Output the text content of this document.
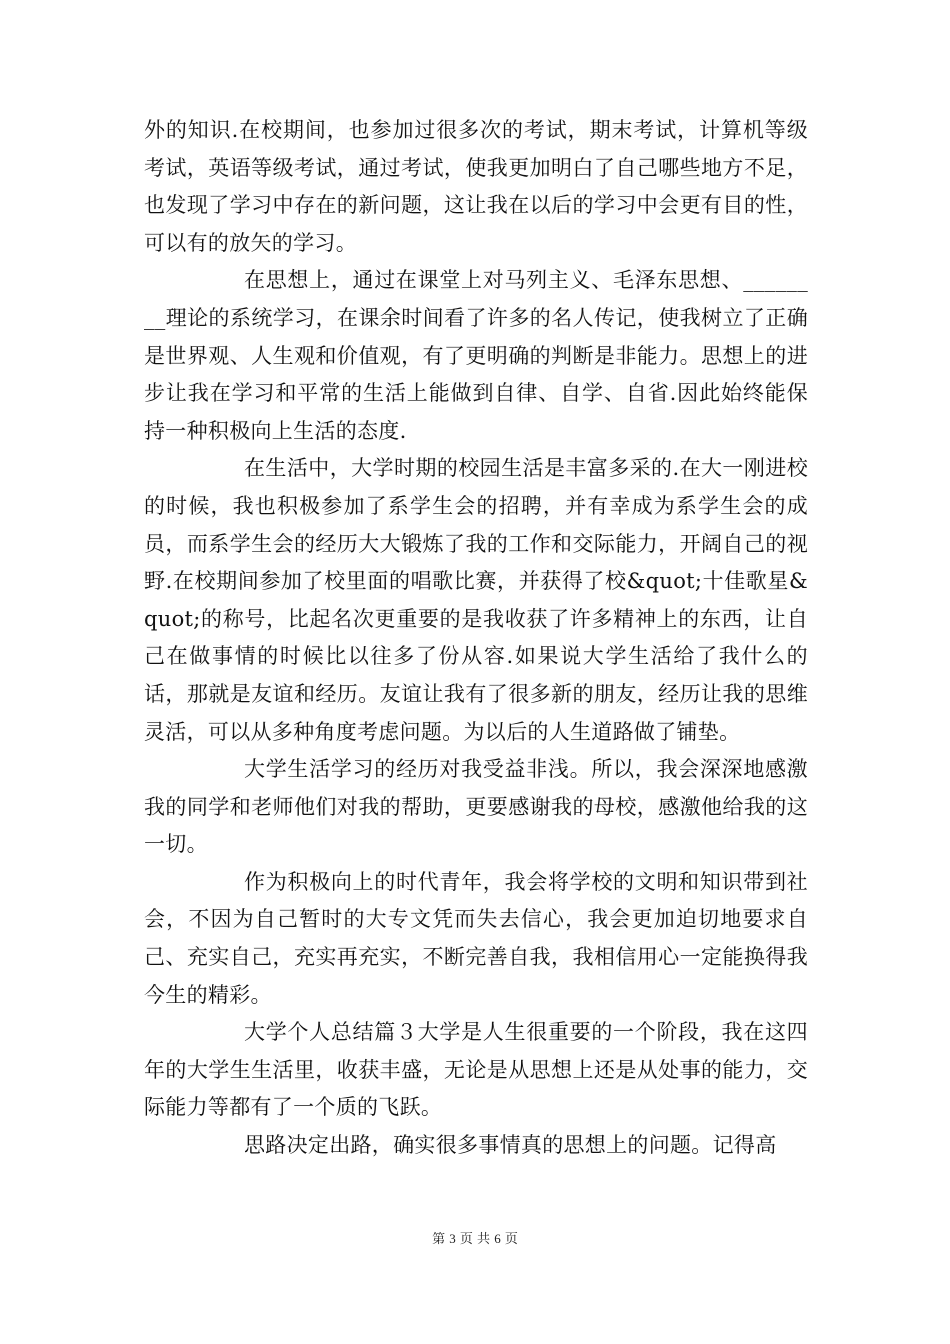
外的知识.在校期间，也参加过很多次的考试，期末考试，计算机等级考试，英语等级考试，通过考试，使我更加明白了自己哪些地方不足，也发现了学习中存在的新问题，这让我在以后的学习中会更有目的性，可以有的放矢的学习。

在思想上，通过在课堂上对马列主义、毛泽东思想、________理论的系统学习，在课余时间看了许多的名人传记，使我树立了正确是世界观、人生观和价值观，有了更明确的判断是非能力。思想上的进步让我在学习和平常的生活上能做到自律、自学、自省.因此始终能保持一种积极向上生活的态度.

在生活中，大学时期的校园生活是丰富多采的.在大一刚进校的时候，我也积极参加了系学生会的招聘，并有幸成为系学生会的成员，而系学生会的经历大大锻炼了我的工作和交际能力，开阔自己的视野.在校期间参加了校里面的唱歌比赛，并获得了校&quot;十佳歌星&quot;的称号，比起名次更重要的是我收获了许多精神上的东西，让自己在做事情的时候比以往多了份从容.如果说大学生活给了我什么的话，那就是友谊和经历。友谊让我有了很多新的朋友，经历让我的思维灵活，可以从多种角度考虑问题。为以后的人生道路做了铺垫。

大学生活学习的经历对我受益非浅。所以，我会深深地感激我的同学和老师他们对我的帮助，更要感谢我的母校，感激他给我的这一切。

作为积极向上的时代青年，我会将学校的文明和知识带到社会，不因为自己暂时的大专文凭而失去信心，我会更加迫切地要求自己、充实自己，充实再充实，不断完善自我，我相信用心一定能换得我今生的精彩。

大学个人总结篇３大学是人生很重要的一个阶段，我在这四年的大学生生活里，收获丰盛，无论是从思想上还是从处事的能力，交际能力等都有了一个质的飞跃。

思路决定出路，确实很多事情真的思想上的问题。记得高

第 3 页 共 6 页
